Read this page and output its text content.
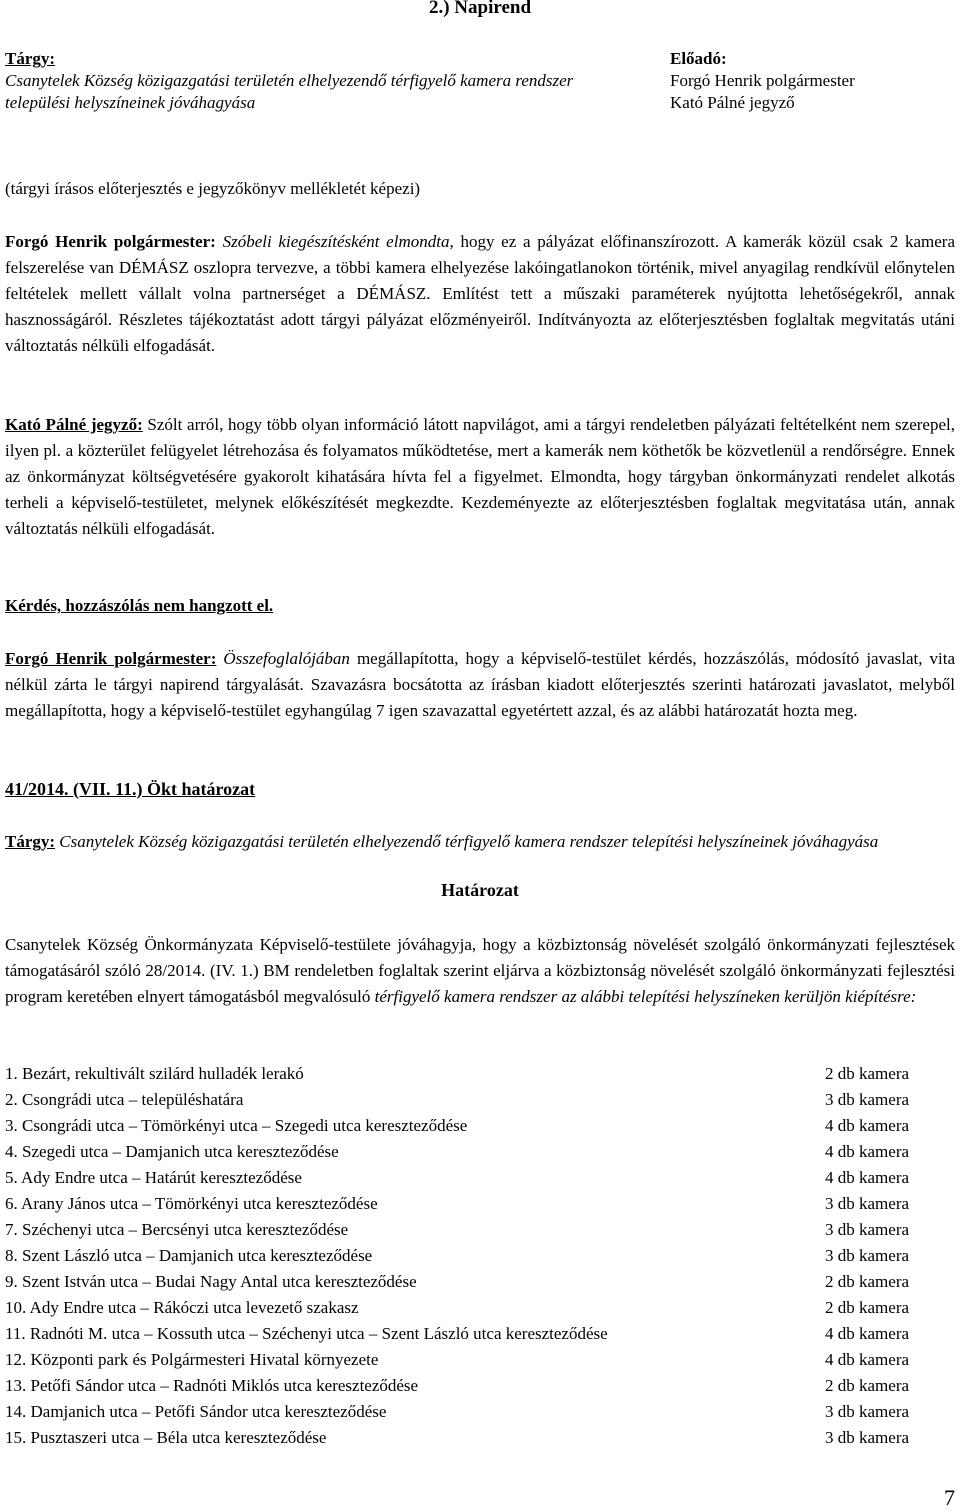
2.) Napirend
Tárgy:
Csanytelek Község közigazgatási területén elhelyezendő térfigyelő kamera rendszer települési helyszíneinek jóváhagyása
Előadó:
Forgó Henrik polgármester
Kató Pálné jegyző
(tárgyi írásos előterjesztés e jegyzőkönyv mellékletét képezi)
Forgó Henrik polgármester: Szóbeli kiegészítésként elmondta, hogy ez a pályázat előfinanszírozott. A kamerák közül csak 2 kamera felszerelése van DÉMÁSZ oszlopra tervezve, a többi kamera elhelyezése lakóingatlanokon történik, mivel anyagilag rendkívül előnytelen feltételek mellett vállalt volna partnerséget a DÉMÁSZ. Említést tett a műszaki paraméterek nyújtotta lehetőségekről, annak hasznosságáról. Részletes tájékoztatást adott tárgyi pályázat előzményeiről. Indítványozta az előterjesztésben foglaltak megvitatás utáni változtatás nélküli elfogadását.
Kató Pálné jegyző: Szólt arról, hogy több olyan információ látott napvilágot, ami a tárgyi rendeletben pályázati feltételként nem szerepel, ilyen pl. a közterület felügyelet létrehozása és folyamatos működtetése, mert a kamerák nem köthetők be közvetlenül a rendőrségre. Ennek az önkormányzat költségvetésére gyakorolt kihatására hívta fel a figyelmet. Elmondta, hogy tárgyban önkormányzati rendelet alkotás terheli a képviselő-testületet, melynek előkészítését megkezdte. Kezdeményezte az előterjesztésben foglaltak megvitatása után, annak változtatás nélküli elfogadását.
Kérdés, hozzászólás nem hangzott el.
Forgó Henrik polgármester: Összefoglalójában megállapította, hogy a képviselő-testület kérdés, hozzászólás, módosító javaslat, vita nélkül zárta le tárgyi napirend tárgyalását. Szavazásra bocsátotta az írásban kiadott előterjesztés szerinti határozati javaslatot, melyből megállapította, hogy a képviselő-testület egyhangúlag 7 igen szavazattal egyetértett azzal, és az alábbi határozatát hozta meg.
41/2014. (VII. 11.) Ökt határozat
Tárgy: Csanytelek Község közigazgatási területén elhelyezendő térfigyelő kamera rendszer telepítési helyszíneinek jóváhagyása
Határozat
Csanytelek Község Önkormányzata Képviselő-testülete jóváhagyja, hogy a közbiztonság növelését szolgáló önkormányzati fejlesztések támogatásáról szóló 28/2014. (IV. 1.) BM rendeletben foglaltak szerint eljárva a közbiztonság növelését szolgáló önkormányzati fejlesztési program keretében elnyert támogatásból megvalósuló térfigyelő kamera rendszer az alábbi telepítési helyszíneken kerüljön kiépítésre:
1. Bezárt, rekultivált szilárd hulladék lerakó	2 db kamera
2. Csongrádi utca – településhatára	3 db kamera
3. Csongrádi utca – Tömörkényi utca – Szegedi utca kereszteződése	4 db kamera
4. Szegedi utca – Damjanich utca kereszteződése	4 db kamera
5. Ady Endre utca – Határút kereszteződése	4 db kamera
6. Arany János utca – Tömörkényi utca kereszteződése	3 db kamera
7. Széchenyi utca – Bercsényi utca kereszteződése	3 db kamera
8. Szent László utca – Damjanich utca kereszteződése	3 db kamera
9. Szent István utca – Budai Nagy Antal utca kereszteződése	2 db kamera
10. Ady Endre utca – Rákóczi utca levezető szakasz	2 db kamera
11. Radnóti M. utca – Kossuth utca – Széchenyi utca – Szent László utca kereszteződése	4 db kamera
12. Központi park és Polgármesteri Hivatal környezete	4 db kamera
13. Petőfi Sándor utca – Radnóti Miklós utca kereszteződése	2 db kamera
14. Damjanich utca – Petőfi Sándor utca kereszteződése	3 db kamera
15. Pusztaszeri utca – Béla utca kereszteződése	3 db kamera
7
